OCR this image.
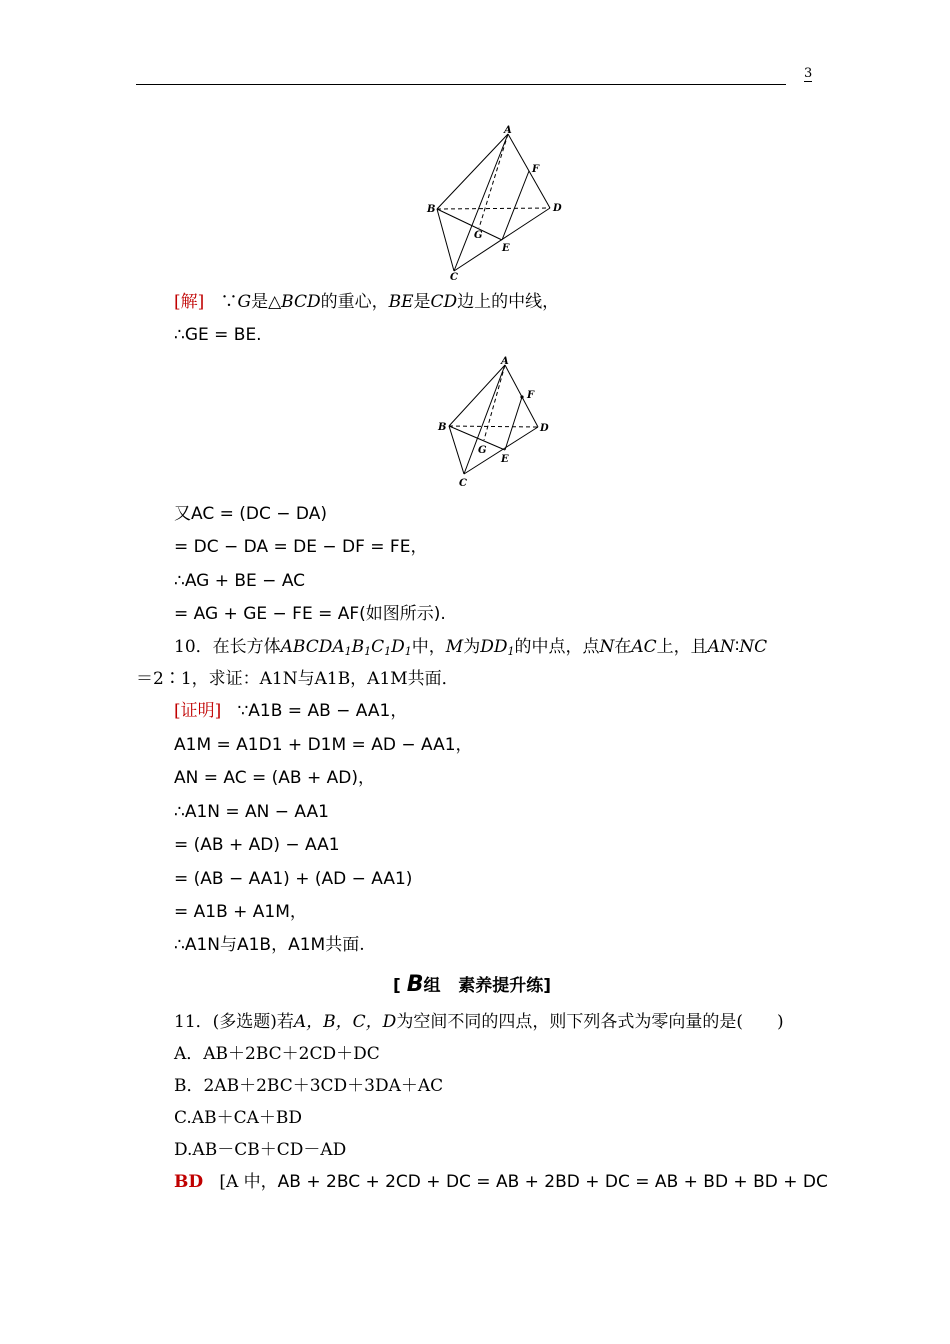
3
A
B
C
D
E
F
G
[解] ∵G是△BCD的重心，BE是CD边上的中线，
∴GE = BE.
A
B
C
D
E
F
G
又AC = (DC − DA)
= DC − DA = DE − DF = FE，
∴AG + BE − AC
= AG + GE − FE = AF(如图所示).
10．在长方体$ABCDA_1B_1C_1D_1$中，M为$DD_1$的中点，点N在AC上，且AN∶NC
＝2∶1，求证：A1N与A1B，A1M共面．
[证明] ∵A1B = AB − AA1，
A1M = A1D1 + D1M = AD − AA1，
AN = AC = (AB + AD)，
∴A1N = AN − AA1
= (AB + AD) − AA1
= (AB − AA1) + (AD − AA1)
= A1B + A1M，
∴A1N与A1B，A1M共面.
[ B组 素养提升练]
11．(多选题)若A，B，C，D为空间不同的四点，则下列各式为零向量的是(　　)
A．AB＋2BC＋2CD＋DC
B．2AB＋2BC＋3CD＋3DA＋AC
C.AB＋CA＋BD
D.AB－CB＋CD－AD
BD [A 中，AB + 2BC + 2CD + DC = AB + 2BD + DC = AB + BD + BD + DC
